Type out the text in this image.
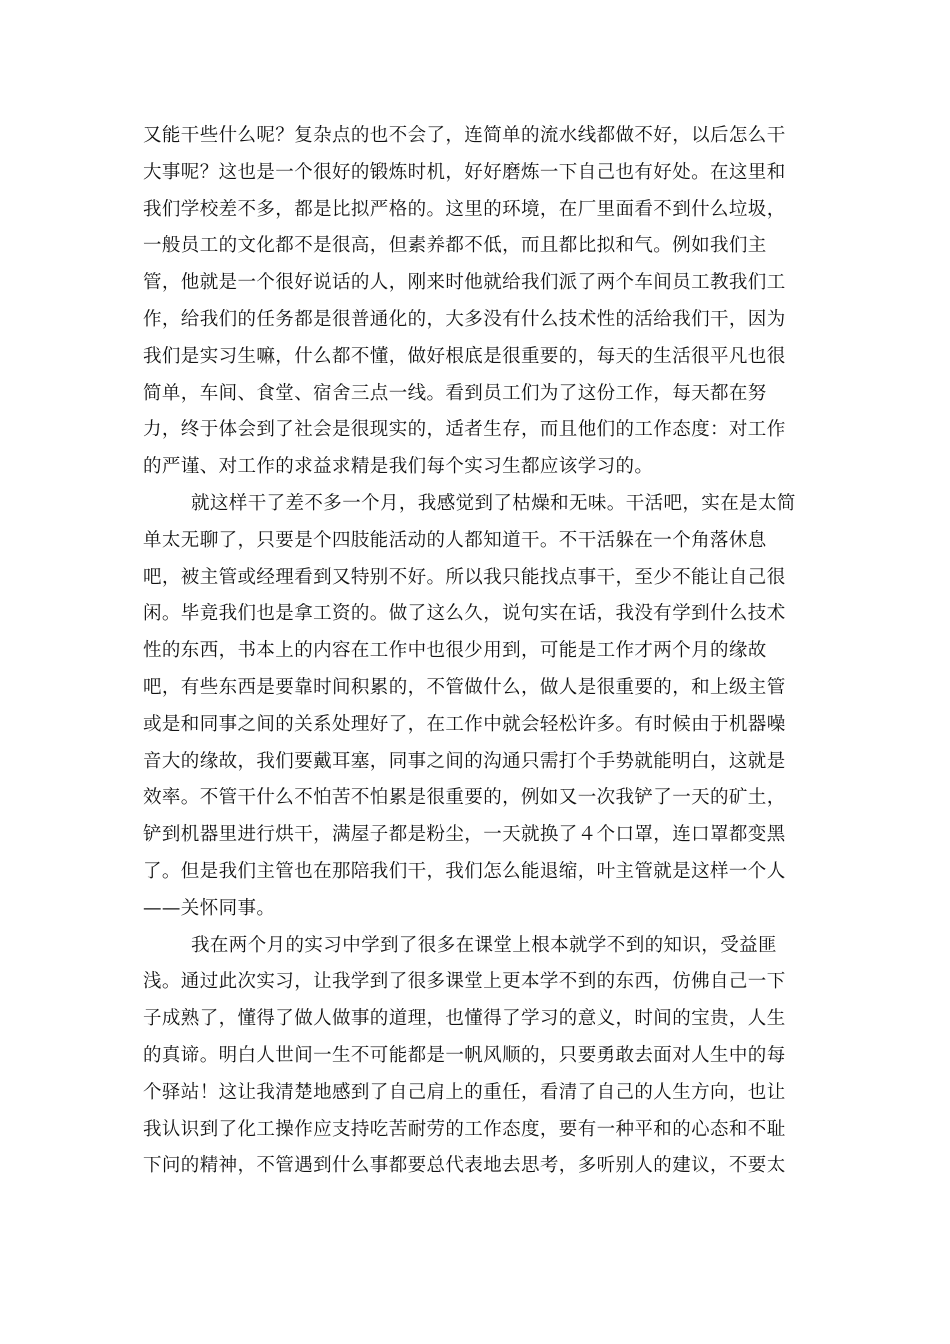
又能干些什么呢？复杂点的也不会了，连简单的流水线都做不好，以后怎么干
大事呢？这也是一个很好的锻炼时机，好好磨炼一下自己也有好处。在这里和
我们学校差不多，都是比拟严格的。这里的环境，在厂里面看不到什么垃圾，
一般员工的文化都不是很高，但素养都不低，而且都比拟和气。例如我们主
管，他就是一个很好说话的人，刚来时他就给我们派了两个车间员工教我们工
作，给我们的任务都是很普通化的，大多没有什么技术性的活给我们干，因为
我们是实习生嘛，什么都不懂，做好根底是很重要的，每天的生活很平凡也很
简单，车间、食堂、宿舍三点一线。看到员工们为了这份工作，每天都在努
力，终于体会到了社会是很现实的，适者生存，而且他们的工作态度：对工作
的严谨、对工作的求益求精是我们每个实习生都应该学习的。
就这样干了差不多一个月，我感觉到了枯燥和无味。干活吧，实在是太简
单太无聊了，只要是个四肢能活动的人都知道干。不干活躲在一个角落休息
吧，被主管或经理看到又特别不好。所以我只能找点事干，至少不能让自己很
闲。毕竟我们也是拿工资的。做了这么久，说句实在话，我没有学到什么技术
性的东西，书本上的内容在工作中也很少用到，可能是工作才两个月的缘故
吧，有些东西是要靠时间积累的，不管做什么，做人是很重要的，和上级主管
或是和同事之间的关系处理好了，在工作中就会轻松许多。有时候由于机器噪
音大的缘故，我们要戴耳塞，同事之间的沟通只需打个手势就能明白，这就是
效率。不管干什么不怕苦不怕累是很重要的，例如又一次我铲了一天的矿土，
铲到机器里进行烘干，满屋子都是粉尘，一天就换了４个口罩，连口罩都变黑
了。但是我们主管也在那陪我们干，我们怎么能退缩，叶主管就是这样一个人
——关怀同事。
我在两个月的实习中学到了很多在课堂上根本就学不到的知识，受益匪
浅。通过此次实习，让我学到了很多课堂上更本学不到的东西，仿佛自己一下
子成熟了，懂得了做人做事的道理，也懂得了学习的意义，时间的宝贵，人生
的真谛。明白人世间一生不可能都是一帆风顺的，只要勇敢去面对人生中的每
个驿站！这让我清楚地感到了自己肩上的重任，看清了自己的人生方向，也让
我认识到了化工操作应支持吃苦耐劳的工作态度，要有一种平和的心态和不耻
下问的精神，不管遇到什么事都要总代表地去思考，多听别人的建议，不要太
